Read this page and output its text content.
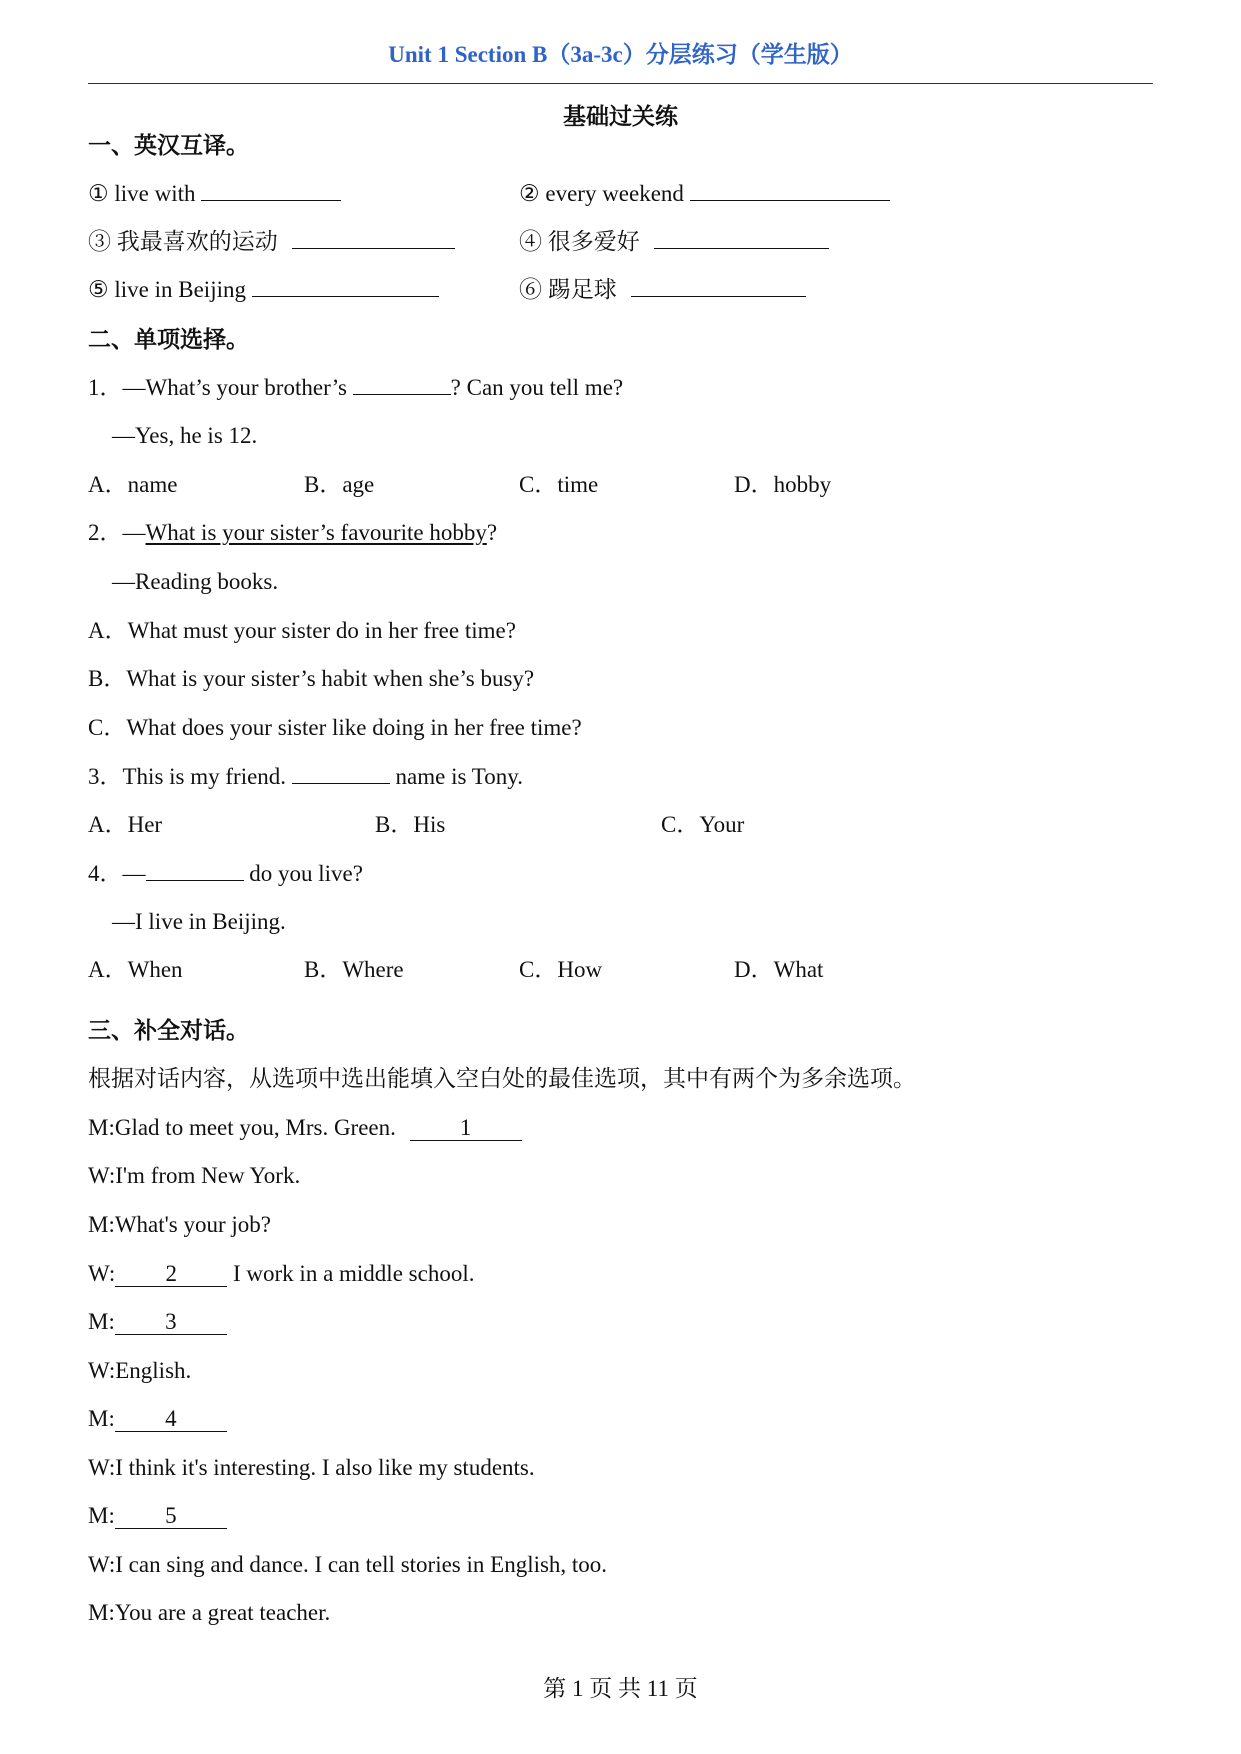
Unit 1 Section B（3a-3c）分层练习（学生版）
基础过关练
一、英汉互译。
① live with	② every weekend
③ 我最喜欢的运动	④ 很多爱好
⑤ live in Beijing	⑥ 踢足球
二、单项选择。
1．—What’s your brother’s	? Can you tell me?
—Yes, he is 12.
A．name	B．age	C．time	D．hobby
2．—What is your sister’s favourite hobby?
—Reading books.
A．What must your sister do in her free time?
B．What is your sister’s habit when she’s busy?
C．What does your sister like doing in her free time?
3．This is my friend.	name is Tony.
A．Her	B．His	C．Your
4．—	do you live?
—I live in Beijing.
A．When	B．Where	C．How	D．What
三、补全对话。
根据对话内容，从选项中选出能填入空白处的最佳选项，其中有两个为多余选项。
M:Glad to meet you, Mrs. Green.	1
W:I'm from New York.
M:What's your job?
W: 2 I work in a middle school.
M: 3
W:English.
M: 4
W:I think it's interesting. I also like my students.
M: 5
W:I can sing and dance. I can tell stories in English, too.
M:You are a great teacher.
第 1 页 共 11 页
